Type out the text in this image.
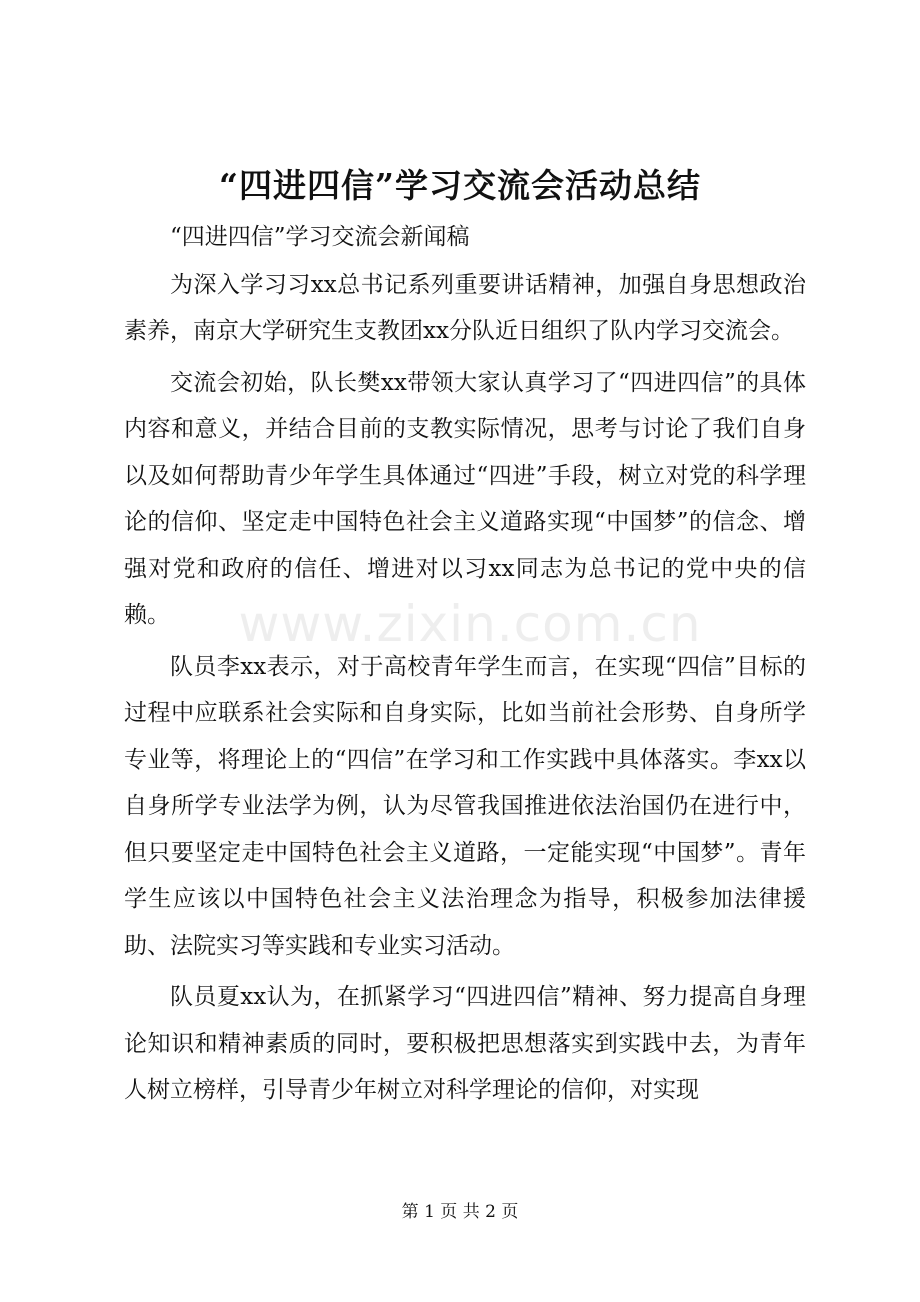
“四进四信”学习交流会活动总结

“四进四信”学习交流会新闻稿

为深入学习习xx总书记系列重要讲话精神，加强自身思想政治素养，南京大学研究生支教团xx分队近日组织了队内学习交流会。

交流会初始，队长樊xx带领大家认真学习了“四进四信”的具体内容和意义，并结合目前的支教实际情况，思考与讨论了我们自身以及如何帮助青少年学生具体通过“四进”手段，树立对党的科学理论的信仰、坚定走中国特色社会主义道路实现“中国梦”的信念、增强对党和政府的信任、增进对以习xx同志为总书记的党中央的信赖。

队员李xx表示，对于高校青年学生而言，在实现“四信”目标的过程中应联系社会实际和自身实际，比如当前社会形势、自身所学专业等，将理论上的“四信”在学习和工作实践中具体落实。李xx以自身所学专业法学为例，认为尽管我国推进依法治国仍在进行中，但只要坚定走中国特色社会主义道路，一定能实现“中国梦”。青年学生应该以中国特色社会主义法治理念为指导，积极参加法律援助、法院实习等实践和专业实习活动。

队员夏xx认为，在抓紧学习“四进四信”精神、努力提高自身理论知识和精神素质的同时，要积极把思想落实到实践中去，为青年人树立榜样，引导青少年树立对科学理论的信仰，对实现

www.zixin.com.cn
第 1 页 共 2 页
